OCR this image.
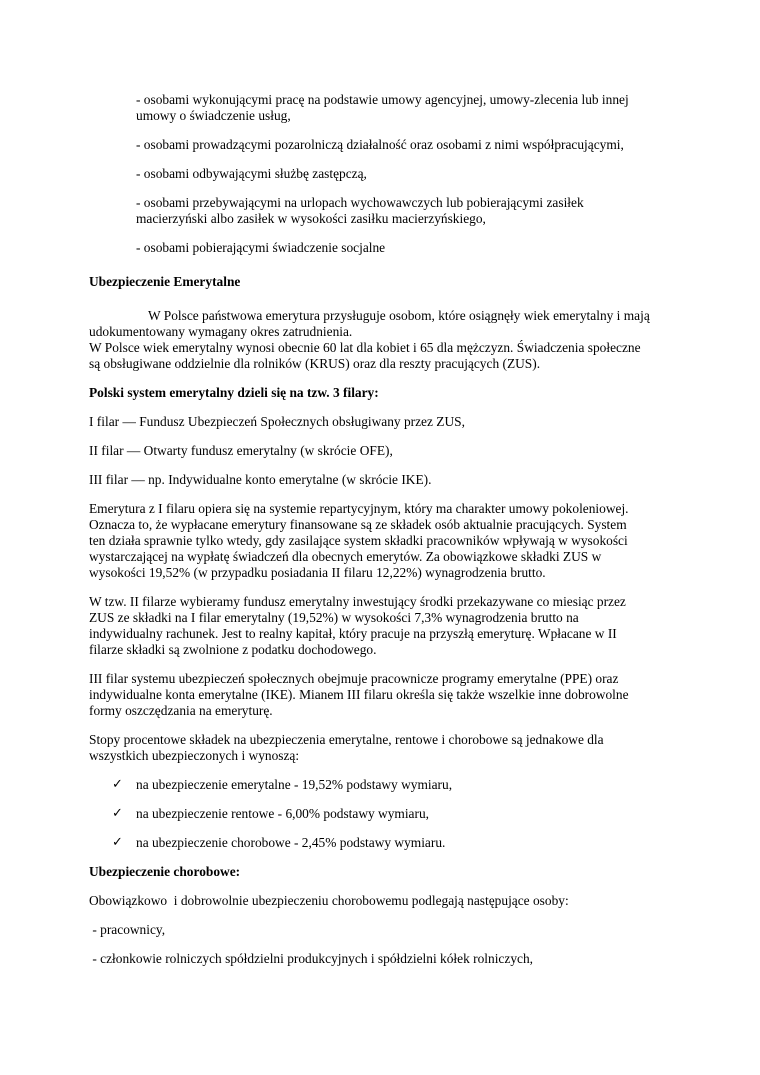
- osobami wykonującymi pracę na podstawie umowy agencyjnej, umowy-zlecenia lub innej

umowy o świadczenie usług,

- osobami prowadzącymi pozarolniczą działalność oraz osobami z nimi współpracującymi,

- osobami odbywającymi służbę zastępczą,

- osobami przebywającymi na urlopach wychowawczych lub pobierającymi zasiłek

macierzyński albo zasiłek w wysokości zasiłku macierzyńskiego,

- osobami pobierającymi świadczenie socjalne

Ubezpieczenie Emerytalne

W Polsce państwowa emerytura przysługuje osobom, które osiągnęły wiek emerytalny i mają

udokumentowany wymagany okres zatrudnienia.

W Polsce wiek emerytalny wynosi obecnie 60 lat dla kobiet i 65 dla mężczyzn. Świadczenia społeczne

są obsługiwane oddzielnie dla rolników (KRUS) oraz dla reszty pracujących (ZUS).

Polski system emerytalny dzieli się na tzw. 3 filary:

I filar — Fundusz Ubezpieczeń Społecznych obsługiwany przez ZUS,

II filar — Otwarty fundusz emerytalny (w skrócie OFE),

III filar — np. Indywidualne konto emerytalne (w skrócie IKE).

Emerytura z I filaru opiera się na systemie repartycyjnym, który ma charakter umowy pokoleniowej.

Oznacza to, że wypłacane emerytury finansowane są ze składek osób aktualnie pracujących. System

ten działa sprawnie tylko wtedy, gdy zasilające system składki pracowników wpływają w wysokości

wystarczającej na wypłatę świadczeń dla obecnych emerytów. Za obowiązkowe składki ZUS w

wysokości 19,52% (w przypadku posiadania II filaru 12,22%) wynagrodzenia brutto.

W tzw. II filarze wybieramy fundusz emerytalny inwestujący środki przekazywane co miesiąc przez

ZUS ze składki na I filar emerytalny (19,52%) w wysokości 7,3% wynagrodzenia brutto na

indywidualny rachunek. Jest to realny kapitał, który pracuje na przyszłą emeryturę. Wpłacane w II

filarze składki są zwolnione z podatku dochodowego.

III filar systemu ubezpieczeń społecznych obejmuje pracownicze programy emerytalne (PPE) oraz

indywidualne konta emerytalne (IKE). Mianem III filaru określa się także wszelkie inne dobrowolne

formy oszczędzania na emeryturę.

Stopy procentowe składek na ubezpieczenia emerytalne, rentowe i chorobowe są jednakowe dla

wszystkich ubezpieczonych i wynoszą:

✓ na ubezpieczenie emerytalne - 19,52% podstawy wymiaru,

✓ na ubezpieczenie rentowe - 6,00% podstawy wymiaru,

✓ na ubezpieczenie chorobowe - 2,45% podstawy wymiaru.

Ubezpieczenie chorobowe:

Obowiązkowo  i dobrowolnie ubezpieczeniu chorobowemu podlegają następujące osoby:

- pracownicy,

- członkowie rolniczych spółdzielni produkcyjnych i spółdzielni kółek rolniczych,
